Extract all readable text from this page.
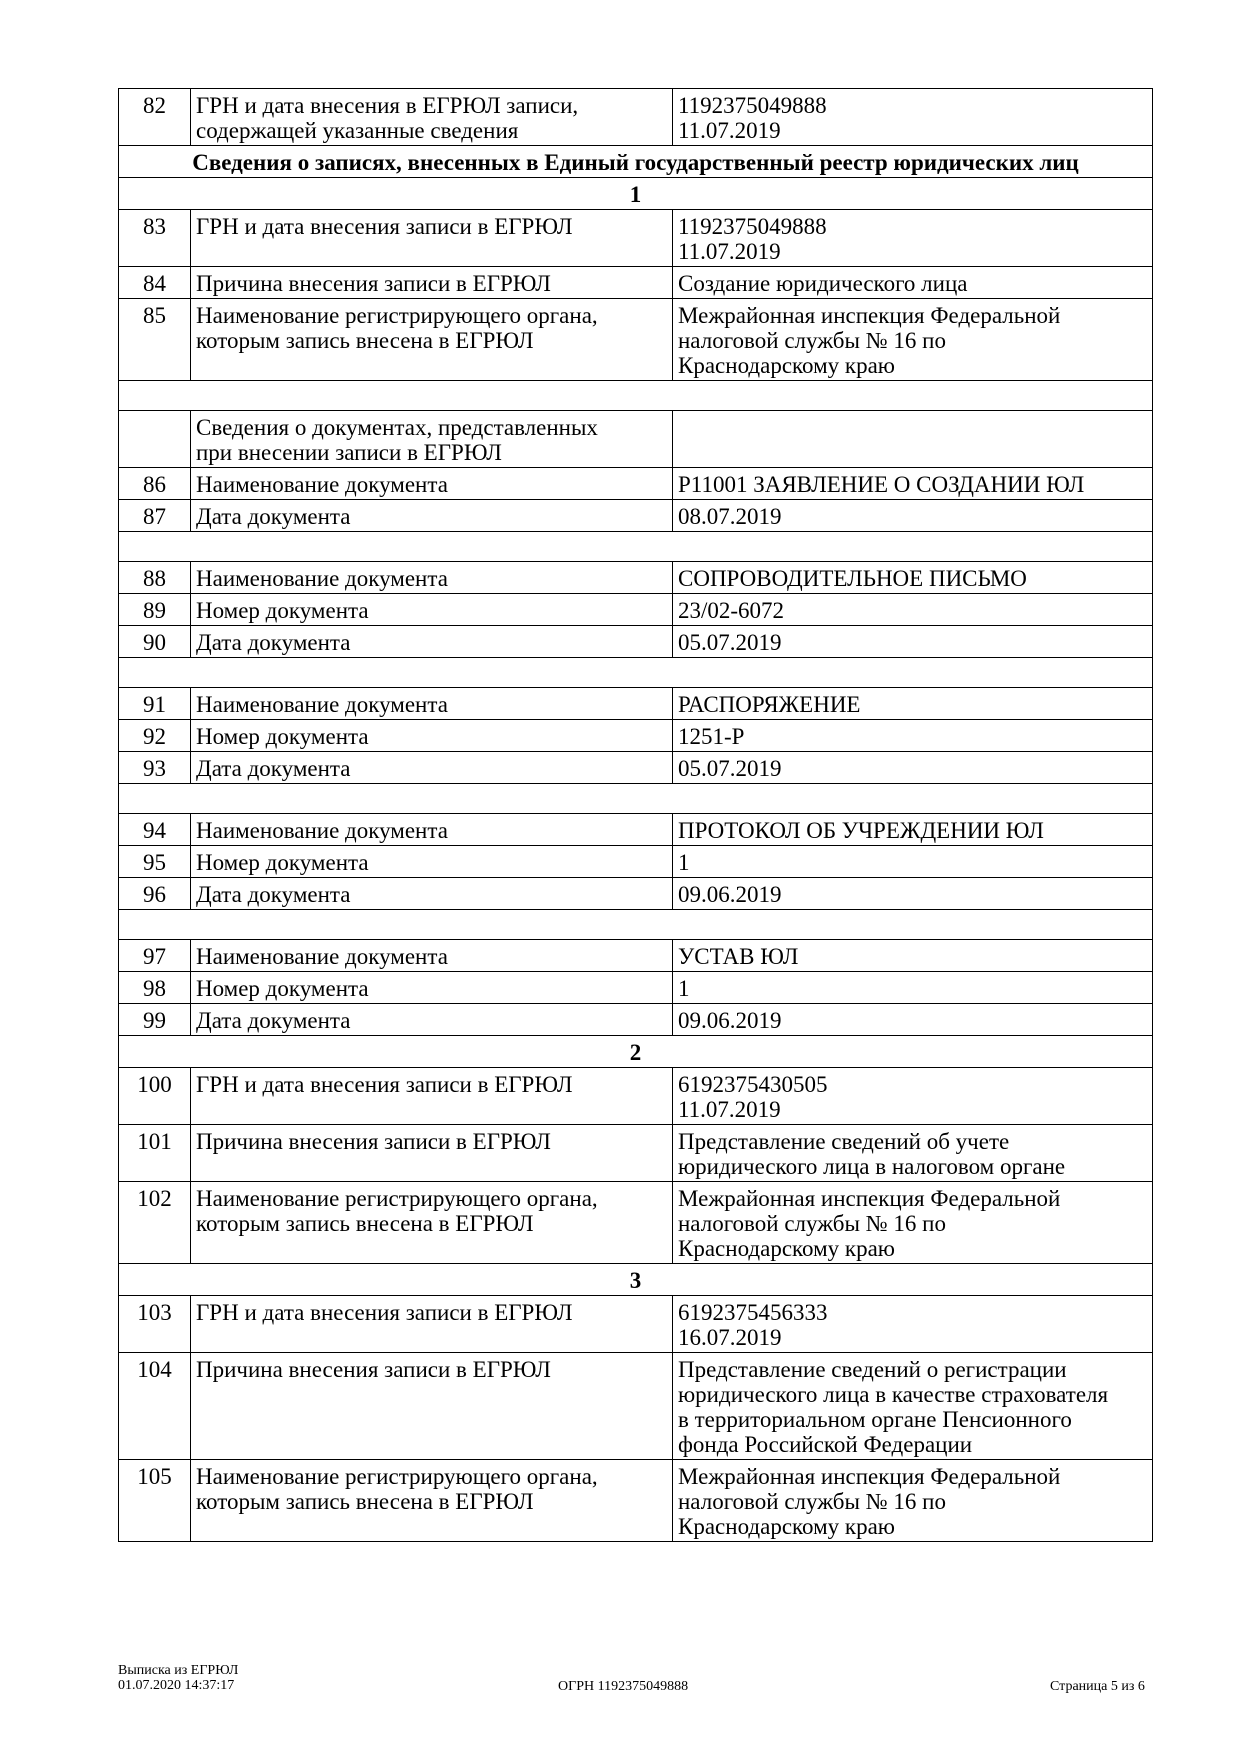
82	ГРН и дата внесения в ЕГРЮЛ записи,
содержащей указанные сведения	1192375049888
11.07.2019
Сведения о записях, внесенных в Единый государственный реестр юридических лиц		
1		
83	ГРН и дата внесения записи в ЕГРЮЛ	1192375049888
11.07.2019
84	Причина внесения записи в ЕГРЮЛ	Создание юридического лица
85	Наименование регистрирующего органа,
которым запись внесена в ЕГРЮЛ	Межрайонная инспекция Федеральной
налоговой службы № 16 по
Краснодарскому краю

	Сведения о документах, представленных
при внесении записи в ЕГРЮЛ	
86	Наименование документа	Р11001 ЗАЯВЛЕНИЕ О СОЗДАНИИ ЮЛ
87	Дата документа	08.07.2019

88	Наименование документа	СОПРОВОДИТЕЛЬНОЕ ПИСЬМО
89	Номер документа	23/02-6072
90	Дата документа	05.07.2019

91	Наименование документа	РАСПОРЯЖЕНИЕ
92	Номер документа	1251-Р
93	Дата документа	05.07.2019

94	Наименование документа	ПРОТОКОЛ ОБ УЧРЕЖДЕНИИ ЮЛ
95	Номер документа	1
96	Дата документа	09.06.2019

97	Наименование документа	УСТАВ ЮЛ
98	Номер документа	1
99	Дата документа	09.06.2019
2		
100	ГРН и дата внесения записи в ЕГРЮЛ	6192375430505
11.07.2019
101	Причина внесения записи в ЕГРЮЛ	Представление сведений об учете
юридического лица в налоговом органе
102	Наименование регистрирующего органа,
которым запись внесена в ЕГРЮЛ	Межрайонная инспекция Федеральной
налоговой службы № 16 по
Краснодарскому краю
3		
103	ГРН и дата внесения записи в ЕГРЮЛ	6192375456333
16.07.2019
104	Причина внесения записи в ЕГРЮЛ	Представление сведений о регистрации
юридического лица в качестве страхователя
в территориальном органе Пенсионного
фонда Российской Федерации
105	Наименование регистрирующего органа,
которым запись внесена в ЕГРЮЛ	Межрайонная инспекция Федеральной
налоговой службы № 16 по
Краснодарскому краю
Выписка из ЕГРЮЛ
01.07.2020 14:37:17	ОГРН 1192375049888	Страница 5 из 6
